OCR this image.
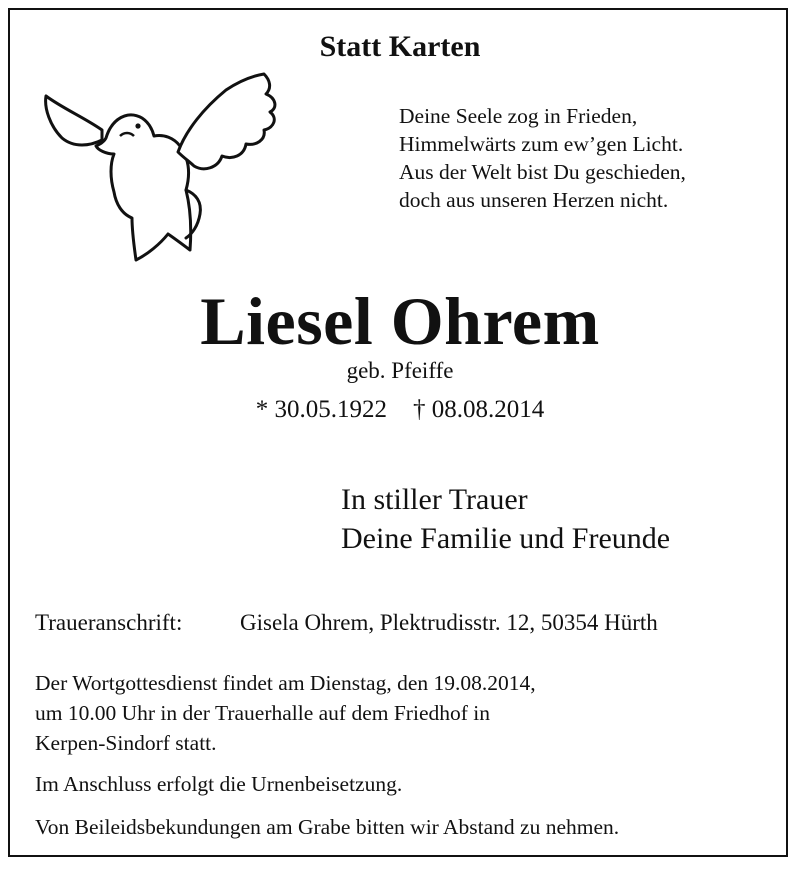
Statt Karten
Deine Seele zog in Frieden,
Himmelwärts zum ew’gen Licht.
Aus der Welt bist Du geschieden,
doch aus unseren Herzen nicht.
Liesel Ohrem
geb. Pfeiffe
* 30.05.1922 † 08.08.2014
In stiller Trauer
Deine Familie und Freunde
Traueranschrift:	Gisela Ohrem, Plektrudisstr. 12, 50354 Hürth
Der Wortgottesdienst findet am Dienstag, den 19.08.2014,
um 10.00 Uhr in der Trauerhalle auf dem Friedhof in
Kerpen-Sindorf statt.
Im Anschluss erfolgt die Urnenbeisetzung.
Von Beileidsbekundungen am Grabe bitten wir Abstand zu nehmen.
